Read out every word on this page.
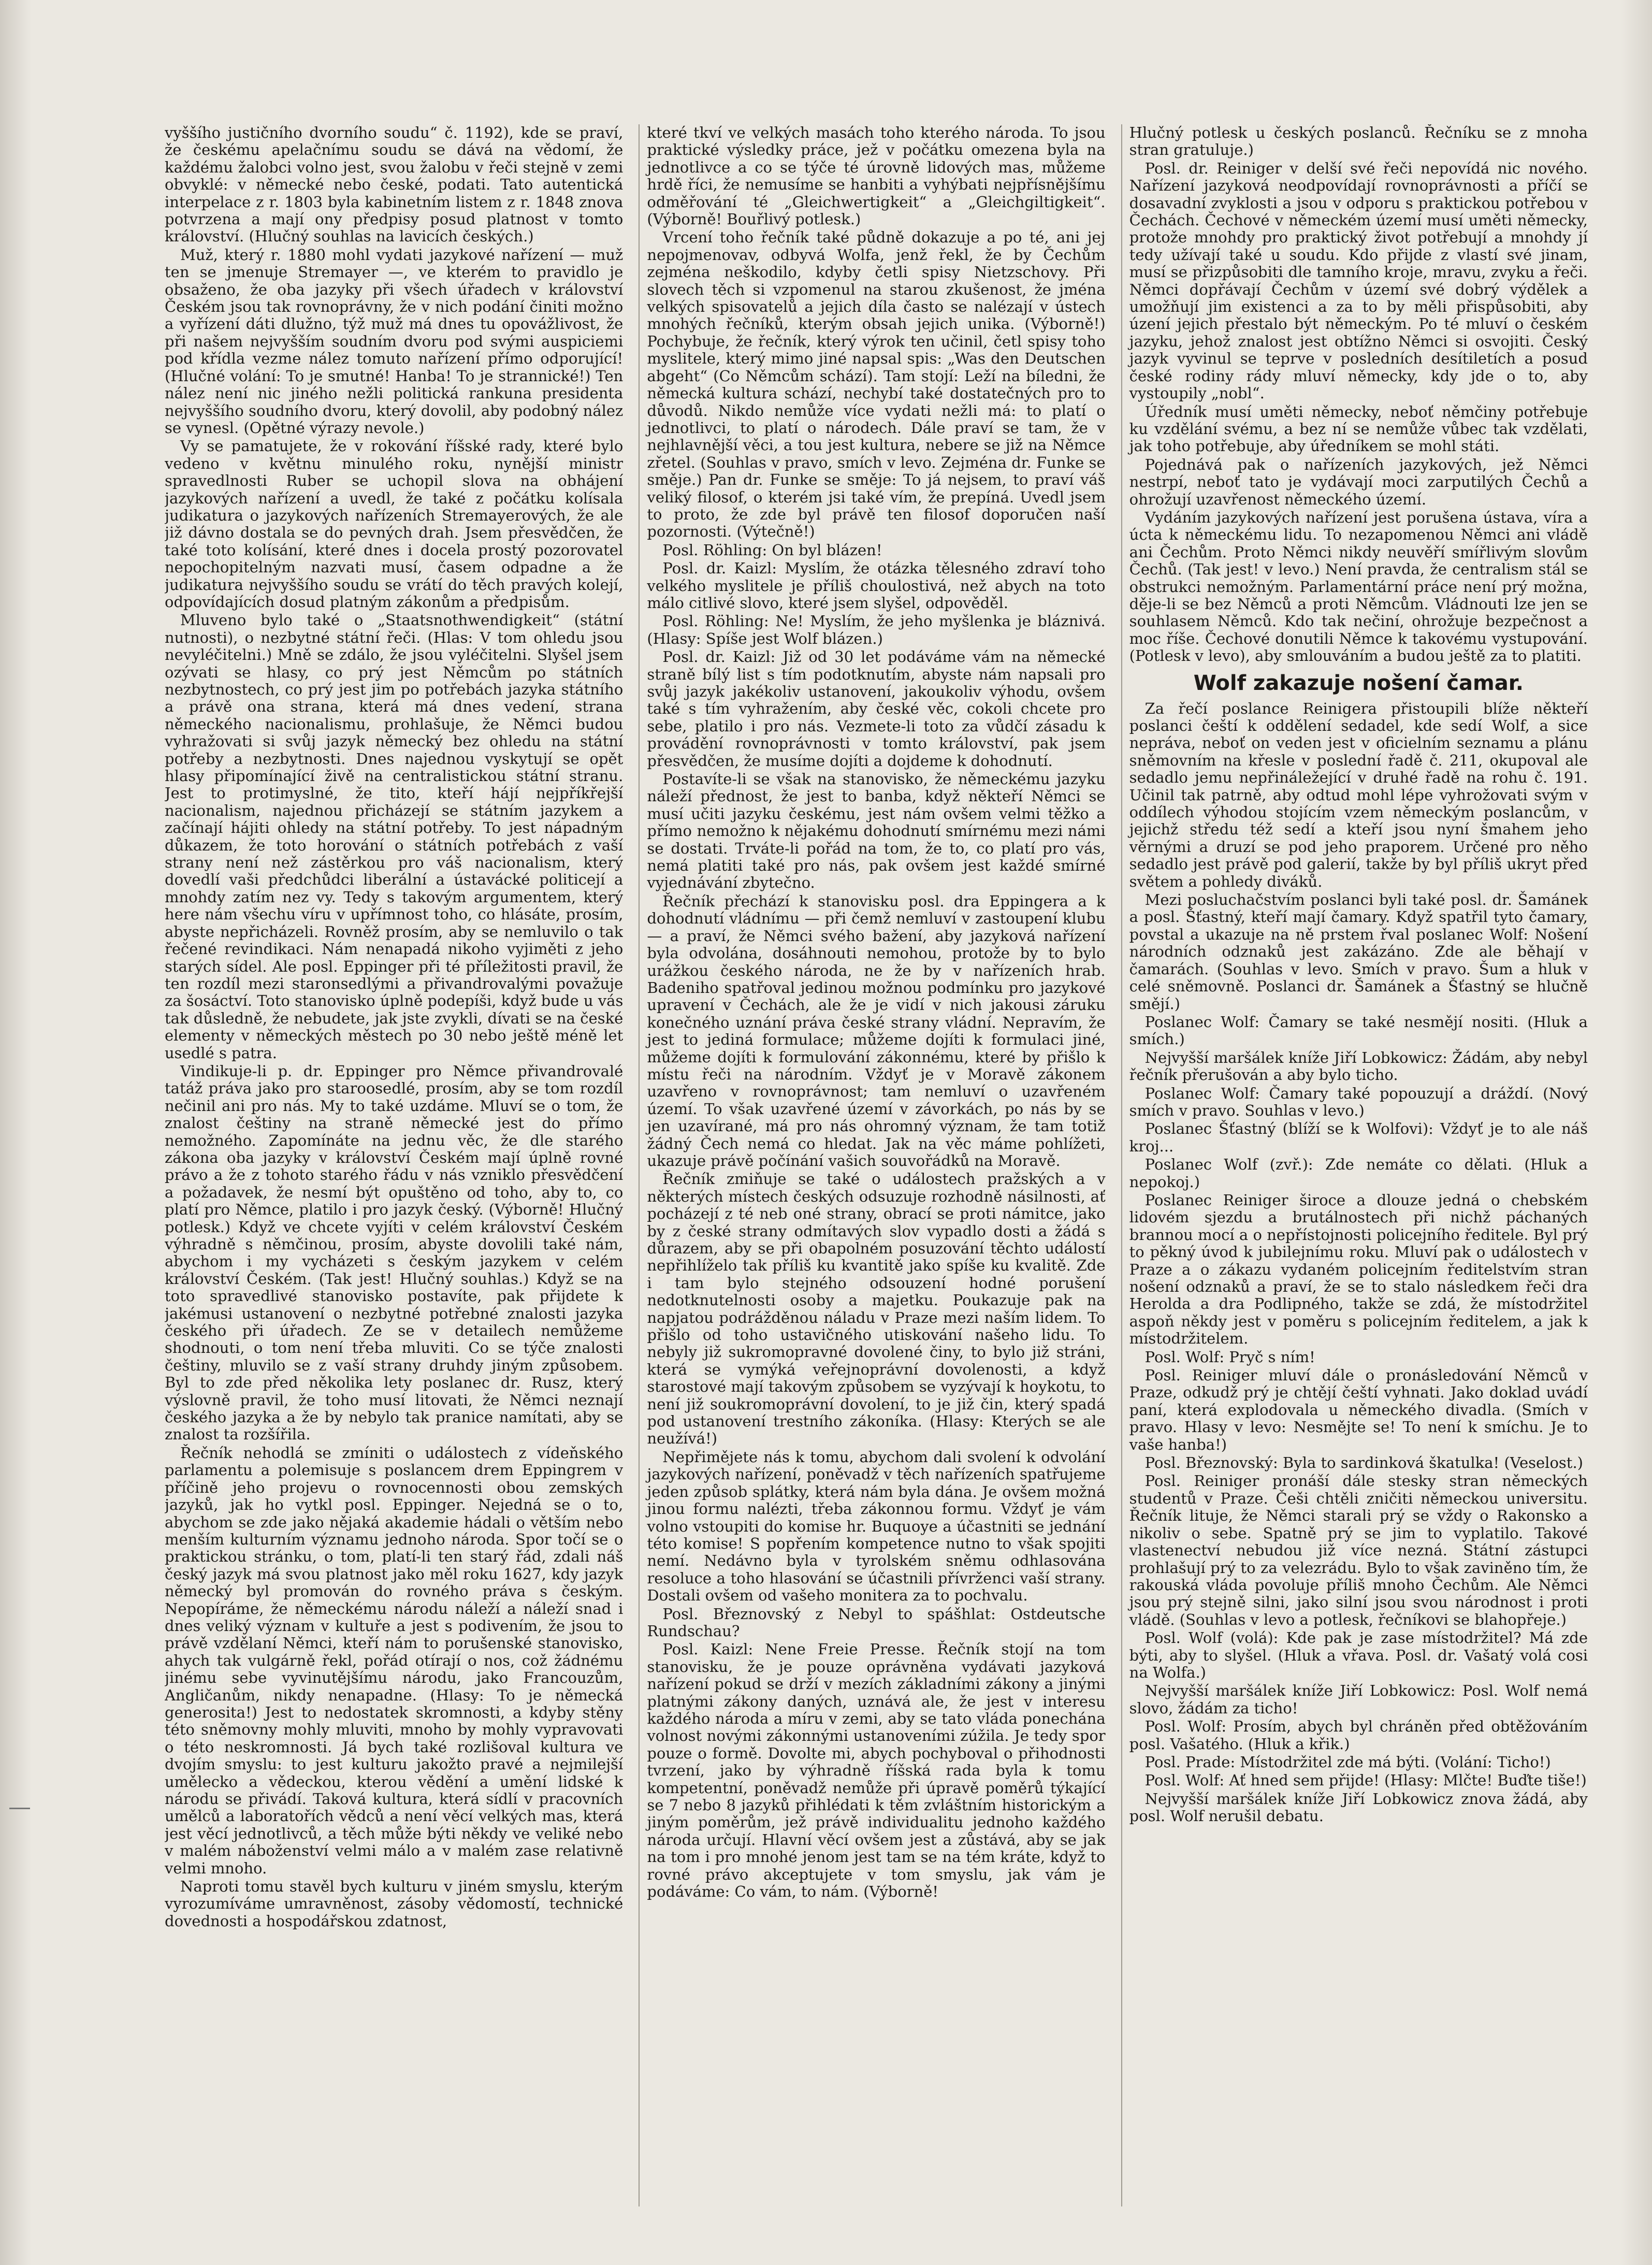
vyššího justičního dvorního soudu“ č. 1192), kde se praví, že českému apelačnímu soudu se dává na vědomí, že každému žalobci volno jest, svou žalobu v řeči stejně v zemi obvyklé: v německé nebo české, podati. Tato autentická interpelace z r. 1803 byla kabinetním listem z r. 1848 znova potvrzena a mají ony předpisy posud platnost v tomto království. (Hlučný souhlas na lavicích českých.)

Muž, který r. 1880 mohl vydati jazykové nařízení — muž ten se jmenuje Stremayer —, ve kterém to pravidlo je obsaženo, že oba jazyky při všech úřadech v království Českém jsou tak rovnoprávny, že v nich podání činiti možno a vyřízení dáti dlužno, týž muž má dnes tu opovážlivost, že při našem nejvyšším soudním dvoru pod svými auspiciemi pod křídla vezme nález tomuto nařízení přímo odporující! (Hlučné volání: To je smutné! Hanba! To je strannické!) Ten nález není nic jiného nežli politická rankuna presidenta nejvyššího soudního dvoru, který dovolil, aby podobný nález se vynesl. (Opětné výrazy nevole.)

Vy se pamatujete, že v rokování říšské rady, které bylo vedeno v květnu minulého roku, nynější ministr spravedlnosti Ruber se uchopil slova na obhájení jazykových nařízení a uvedl, že také z počátku kolísala judikatura o jazykových nařízeních Stremayerových, že ale již dávno dostala se do pevných drah. Jsem přesvědčen, že také toto kolísání, které dnes i docela prostý pozorovatel nepochopitelným nazvati musí, časem odpadne a že judikatura nejvyššího soudu se vrátí do těch pravých kolejí, odpovídajících dosud platným zákonům a předpisům.

Mluveno bylo také o „Staatsnothwendigkeit“ (státní nutnosti), o nezbytné státní řeči. (Hlas: V tom ohledu jsou nevyléčitelni.) Mně se zdálo, že jsou vyléčitelni. Slyšel jsem ozývati se hlasy, co prý jest Němcům po státních nezbytnostech, co prý jest jim po potřebách jazyka státního a právě ona strana, která má dnes vedení, strana německého nacionalismu, prohlašuje, že Němci budou vyhražovati si svůj jazyk německý bez ohledu na státní potřeby a nezbytnosti. Dnes najednou vyskytují se opět hlasy připomínající živě na centralistickou státní stranu. Jest to protimyslné, že tito, kteří hájí nejpříkřejší nacionalism, najednou přicházejí se státním jazykem a začínají hájiti ohledy na státní potřeby. To jest nápadným důkazem, že toto horování o státních potřebách z vaší strany není než zástěrkou pro váš nacionalism, který dovedlí vaši předchůdci liberální a ústavácké politicejí a mnohdy zatím nez vy. Tedy s takovým argumentem, který here nám všechu víru v upřímnost toho, co hlásáte, prosím, abyste nepřicházeli. Rovněž prosím, aby se nemluvilo o tak řečené revindikaci. Nám nenapadá nikoho vyjiměti z jeho starých sídel. Ale posl. Eppinger při té příležitosti pravil, že ten rozdíl mezi staronsedlými a přivandrovalými považuje za šosáctví. Toto stanovisko úplně podepíši, když bude u vás tak důsledně, že nebudete, jak jste zvykli, dívati se na české elementy v německých městech po 30 nebo ještě méně let usedlé s patra.

Vindikuje-li p. dr. Eppinger pro Němce přivandrovalé tatáž práva jako pro staroosedlé, prosím, aby se tom rozdíl nečinil ani pro nás. My to také uzdáme. Mluví se o tom, že znalost češtiny na straně německé jest do přímo nemožného. Zapomínáte na jednu věc, že dle starého zákona oba jazyky v království Českém mají úplně rovné právo a že z tohoto starého řádu v nás vzniklo přesvědčení a požadavek, že nesmí být opuštěno od toho, aby to, co platí pro Němce, platilo i pro jazyk český. (Výborně! Hlučný potlesk.) Když ve chcete vyjíti v celém království Českém výhradně s němčinou, prosím, abyste dovolili také nám, abychom i my vycházeti s českým jazykem v celém království Českém. (Tak jest! Hlučný souhlas.) Když se na toto spravedlivé stanovisko postavíte, pak přijdete k jakémusi ustanovení o nezbytné potřebné znalosti jazyka českého při úřadech. Ze se v detailech nemůžeme shodnouti, o tom není třeba mluviti. Co se týče znalosti češtiny, mluvilo se z vaší strany druhdy jiným způsobem. Byl to zde před několika lety poslanec dr. Rusz, který výslovně pravil, že toho musí litovati, že Němci neznají českého jazyka a že by nebylo tak pranice namítati, aby se znalost ta rozšířila.

Řečník nehodlá se zmíniti o událostech z vídeňského parlamentu a polemisuje s poslancem drem Eppingrem v příčině jeho projevu o rovnocennosti obou zemských jazyků, jak ho vytkl posl. Eppinger. Nejedná se o to, abychom se zde jako nějaká akademie hádali o větším nebo menším kulturním významu jednoho národa. Spor točí se o praktickou stránku, o tom, platí-li ten starý řád, zdali náš český jazyk má svou platnost jako měl roku 1627, kdy jazyk německý byl promován do rovného práva s českým. Nepopíráme, že německému národu náleží a náleží snad i dnes veliký význam v kultuře a jest s podivením, že jsou to právě vzdělaní Němci, kteří nám to porušenské stanovisko, ahych tak vulgárně řekl, pořád otírají o nos, což žádnému jinému sebe vyvinutějšímu národu, jako Francouzům, Angličanům, nikdy nenapadne. (Hlasy: To je německá generosita!) Jest to nedostatek skromnosti, a kdyby stěny této sněmovny mohly mluviti, mnoho by mohly vypravovati o této neskromnosti. Já bych také rozlišoval kultura ve dvojím smyslu: to jest kulturu jakožto pravé a nejmilejší umělecko a vědeckou, kterou vědění a umění lidské k národu se přivádí. Taková kultura, která sídlí v pracovních umělců a laboratořích vědců a není věcí velkých mas, která jest věcí jednotlivců, a těch může býti někdy ve veliké nebo v malém náboženství velmi málo a v malém zase relativně velmi mnoho.

Naproti tomu stavěl bych kulturu v jiném smyslu, kterým vyrozumíváme umravněnost, zásoby vědomostí, technické dovednosti a hospodářskou zdatnost,

které tkví ve velkých masách toho kterého národa. To jsou praktické výsledky práce, jež v počátku omezena byla na jednotlivce a co se týče té úrovně lidových mas, můžeme hrdě říci, že nemusíme se hanbiti a vyhýbati nejpřísnějšímu odměřování té „Gleichwertigkeit“ a „Gleichgiltigkeit“. (Výborně! Bouřlivý potlesk.)

Vrcení toho řečník také půdně dokazuje a po té, ani jej nepojmenovav, odbyvá Wolfa, jenž řekl, že by Čechům zejména neškodilo, kdyby četli spisy Nietzschovy. Při slovech těch si vzpomenul na starou zkušenost, že jména velkých spisovatelů a jejich díla často se nalézají v ústech mnohých řečníků, kterým obsah jejich unika. (Výborně!) Pochybuje, že řečník, který výrok ten učinil, četl spisy toho myslitele, který mimo jiné napsal spis: „Was den Deutschen abgeht“ (Co Němcům schází). Tam stojí: Leží na bíledni, že německá kultura schází, nechybí také dostatečných pro to důvodů. Nikdo nemůže více vydati nežli má: to platí o jednotlivci, to platí o národech. Dále praví se tam, že v nejhlavnější věci, a tou jest kultura, nebere se již na Němce zřetel. (Souhlas v pravo, smích v levo. Zejména dr. Funke se směje.) Pan dr. Funke se směje: To já nejsem, to praví váš veliký filosof, o kterém jsi také vím, že prepíná. Uvedl jsem to proto, že zde byl právě ten filosof doporučen naší pozornosti. (Výtečně!)

Posl. Röhling: On byl blázen!

Posl. dr. Kaizl: Myslím, že otázka tělesného zdraví toho velkého myslitele je příliš choulostivá, než abych na toto málo citlivé slovo, které jsem slyšel, odpověděl.

Posl. Röhling: Ne! Myslím, že jeho myšlenka je bláznivá. (Hlasy: Spíše jest Wolf blázen.)

Posl. dr. Kaizl: Již od 30 let podáváme vám na německé straně bílý list s tím podotknutím, abyste nám napsali pro svůj jazyk jakékoliv ustanovení, jakoukoliv výhodu, ovšem také s tím vyhražením, aby české věc, cokoli chcete pro sebe, platilo i pro nás. Vezmete-li toto za vůdčí zásadu k provádění rovnoprávnosti v tomto království, pak jsem přesvědčen, že musíme dojíti a dojdeme k dohodnutí.

Postavíte-li se však na stanovisko, že německému jazyku náleží přednost, že jest to banba, když někteří Němci se musí učiti jazyku českému, jest nám ovšem velmi těžko a přímo nemožno k nějakému dohodnutí smírnému mezi námi se dostati. Trváte-li pořád na tom, že to, co platí pro vás, nemá platiti také pro nás, pak ovšem jest každé smírné vyjednávání zbytečno.

Řečník přechází k stanovisku posl. dra Eppingera a k dohodnutí vládnímu — při čemž nemluví v zastoupení klubu — a praví, že Němci svého bažení, aby jazyková nařízení byla odvolána, dosáhnouti nemohou, protože by to bylo urážkou českého národa, ne že by v nařízeních hrab. Badeniho spatřoval jedinou možnou podmínku pro jazykové upravení v Čechách, ale že je vidí v nich jakousi záruku konečného uznání práva české strany vládní. Nepravím, že jest to jediná formulace; můžeme dojíti k formulaci jiné, můžeme dojíti k formulování zákonnému, které by přišlo k místu řeči na národním. Vždyť je v Moravě zákonem uzavřeno v rovnoprávnost; tam nemluví o uzavřeném území. To však uzavřené území v závorkách, po nás by se jen uzavírané, má pro nás ohromný význam, že tam totiž žádný Čech nemá co hledat. Jak na věc máme pohlížeti, ukazuje právě počínání vašich souvořádků na Moravě.

Řečník zmiňuje se také o událostech pražských a v některých místech českých odsuzuje rozhodně násilnosti, ať pocházejí z té neb oné strany, obrací se proti námitce, jako by z české strany odmítavých slov vypadlo dosti a žádá s důrazem, aby se při obapolném posuzování těchto událostí nepřihlíželo tak příliš ku kvantitě jako spíše ku kvalitě. Zde i tam bylo stejného odsouzení hodné porušení nedotknutelnosti osoby a majetku. Poukazuje pak na napjatou podrážděnou náladu v Praze mezi naším lidem. To přišlo od toho ustavičného utiskování našeho lidu. To nebyly již sukromopravné dovolené činy, to bylo již stráni, která se vymýká veřejnoprávní dovolenosti, a když starostové mají takovým způsobem se vyzývají k hoykotu, to není již soukromoprávní dovolení, to je již čin, který spadá pod ustanovení trestního zákoníka. (Hlasy: Kterých se ale neužívá!)

Nepřimějete nás k tomu, abychom dali svolení k odvolání jazykových nařízení, poněvadž v těch nařízeních spatřujeme jeden způsob splátky, která nám byla dána. Je ovšem možná jinou formu nalézti, třeba zákonnou formu. Vždyť je vám volno vstoupiti do komise hr. Buquoye a účastniti se jednání této komise! S popřením kompetence nutno to však spojiti nemí. Nedávno byla v tyrolském sněmu odhlasována resoluce a toho hlasování se účastnili přívrženci vaší strany. Dostali ovšem od vašeho monitera za to pochvalu.

Posl. Březnovský z Nebyl to spášhlat: Ostdeutsche Rundschau?

Posl. Kaizl: Nene Freie Presse. Řečník stojí na tom stanovisku, že je pouze oprávněna vydávati jazyková nařízení pokud se drží v mezích základními zákony a jinými platnými zákony daných, uznává ale, že jest v interesu každého národa a míru v zemi, aby se tato vláda ponechána volnost novými zákonnými ustanoveními zúžila. Je tedy spor pouze o formě. Dovolte mi, abych pochyboval o přihodnosti tvrzení, jako by výhradně říšská rada byla k tomu kompetentní, poněvadž nemůže při úpravě poměrů týkající se 7 nebo 8 jazyků přihlédati k těm zvláštním historickým a jiným poměrům, jež právě individualitu jednoho každého národa určují. Hlavní věcí ovšem jest a zůstává, aby se jak na tom i pro mnohé jenom jest tam se na tém kráte, když to rovné právo akceptujete v tom smyslu, jak vám je podáváme: Co vám, to nám. (Výborně!

Hlučný potlesk u českých poslanců. Řečníku se z mnoha stran gratuluje.)

Posl. dr. Reiniger v delší své řeči nepovídá nic nového. Nařízení jazyková neodpovídají rovnoprávnosti a příčí se dosavadní zvyklosti a jsou v odporu s praktickou potřebou v Čechách. Čechové v německém území musí uměti německy, protože mnohdy pro praktický život potřebují a mnohdy jí tedy užívají také u soudu. Kdo přijde z vlastí své jinam, musí se přizpůsobiti dle tamního kroje, mravu, zvyku a řeči. Němci dopřávají Čechům v území své dobrý výdělek a umožňují jim existenci a za to by měli přispůsobiti, aby úzení jejich přestalo být německým. Po té mluví o českém jazyku, jehož znalost jest obtížno Němci si osvojiti. Český jazyk vyvinul se teprve v posledních desítiletích a posud české rodiny rády mluví německy, kdy jde o to, aby vystoupily „nobl“.

Úředník musí uměti německy, neboť němčiny potřebuje ku vzdělání svému, a bez ní se nemůže vůbec tak vzdělati, jak toho potřebuje, aby úředníkem se mohl státi.

Pojednává pak o nařízeních jazykových, jež Němci nestrpí, neboť tato je vydávají moci zarputilých Čechů a ohrožují uzavřenost německého území.

Vydáním jazykových nařízení jest porušena ústava, víra a úcta k německému lidu. To nezapomenou Němci ani vládě ani Čechům. Proto Němci nikdy neuvěří smířlivým slovům Čechů. (Tak jest! v levo.) Není pravda, že centralism stál se obstrukci nemožným. Parlamentární práce není prý možna, děje-li se bez Němců a proti Němcům. Vládnouti lze jen se souhlasem Němců. Kdo tak nečiní, ohrožuje bezpečnost a moc říše. Čechové donutili Němce k takovému vystupování. (Potlesk v levo), aby smlouváním a budou ještě za to platiti.

Wolf zakazuje nošení čamar.

Za řečí poslance Reinigera přistoupili blíže někteří poslanci čeští k oddělení sedadel, kde sedí Wolf, a sice nepráva, neboť on veden jest v oficielním seznamu a plánu sněmovním na křesle v poslední řadě č. 211, okupoval ale sedadlo jemu nepřináležející v druhé řadě na rohu č. 191. Učinil tak patrně, aby odtud mohl lépe vyhrožovati svým v oddílech výhodou stojícím vzem německým poslancům, v jejichž středu též sedí a kteří jsou nyní šmahem jeho věrnými a druzí se pod jeho praporem. Určené pro něho sedadlo jest právě pod galerií, takže by byl příliš ukryt před světem a pohledy diváků.

Mezi posluchačstvím poslanci byli také posl. dr. Šamánek a posl. Šťastný, kteří mají čamary. Když spatřil tyto čamary, povstal a ukazuje na ně prstem řval poslanec Wolf: Nošení národních odznaků jest zakázáno. Zde ale běhají v čamarách. (Souhlas v levo. Smích v pravo. Šum a hluk v celé sněmovně. Poslanci dr. Šamánek a Šťastný se hlučně smějí.)

Poslanec Wolf: Čamary se také nesmějí nositi. (Hluk a smích.)

Nejvyšší maršálek kníže Jiří Lobkowicz: Žádám, aby nebyl řečník přerušován a aby bylo ticho.

Poslanec Wolf: Čamary také popouzují a dráždí. (Nový smích v pravo. Souhlas v levo.)

Poslanec Šťastný (blíží se k Wolfovi): Vždyť je to ale náš kroj...

Poslanec Wolf (zvř.): Zde nemáte co dělati. (Hluk a nepokoj.)

Poslanec Reiniger široce a dlouze jedná o chebském lidovém sjezdu a brutálnostech při nichž páchaných brannou mocí a o nepřístojnosti policejního ředitele. Byl prý to pěkný úvod k jubilejnímu roku. Mluví pak o událostech v Praze a o zákazu vydaném policejním ředitelstvím stran nošení odznaků a praví, že se to stalo následkem řeči dra Herolda a dra Podlipného, takže se zdá, že místodržitel aspoň někdy jest v poměru s policejním ředitelem, a jak k místodržitelem.

Posl. Wolf: Pryč s ním!

Posl. Reiniger mluví dále o pronásledování Němců v Praze, odkudž prý je chtějí čeští vyhnati. Jako doklad uvádí paní, která explodovala u německého divadla. (Smích v pravo. Hlasy v levo: Nesmějte se! To není k smíchu. Je to vaše hanba!)

Posl. Březnovský: Byla to sardinková škatulka! (Veselost.)

Posl. Reiniger pronáší dále stesky stran německých studentů v Praze. Češi chtěli zničiti německou universitu. Řečník lituje, že Němci starali prý se vždy o Rakonsko a nikoliv o sebe. Spatně prý se jim to vyplatilo. Takové vlastenectví nebudou již více nezná. Státní zástupci prohlašují prý to za velezrádu. Bylo to však zaviněno tím, že rakouská vláda povoluje příliš mnoho Čechům. Ale Němci jsou prý stejně silni, jako silní jsou svou národnost i proti vládě. (Souhlas v levo a potlesk, řečníkovi se blahopřeje.)

Posl. Wolf (volá): Kde pak je zase místodržitel? Má zde býti, aby to slyšel. (Hluk a vřava. Posl. dr. Vašatý volá cosi na Wolfa.)

Nejvyšší maršálek kníže Jiří Lobkowicz: Posl. Wolf nemá slovo, žádám za ticho!

Posl. Wolf: Prosím, abych byl chráněn před obtěžováním posl. Vašatého. (Hluk a křik.)

Posl. Prade: Místodržitel zde má býti. (Volání: Ticho!)

Posl. Wolf: Ať hned sem přijde! (Hlasy: Mlčte! Buďte tiše!)

Nejvyšší maršálek kníže Jiří Lobkowicz znova žádá, aby posl. Wolf nerušil debatu.
